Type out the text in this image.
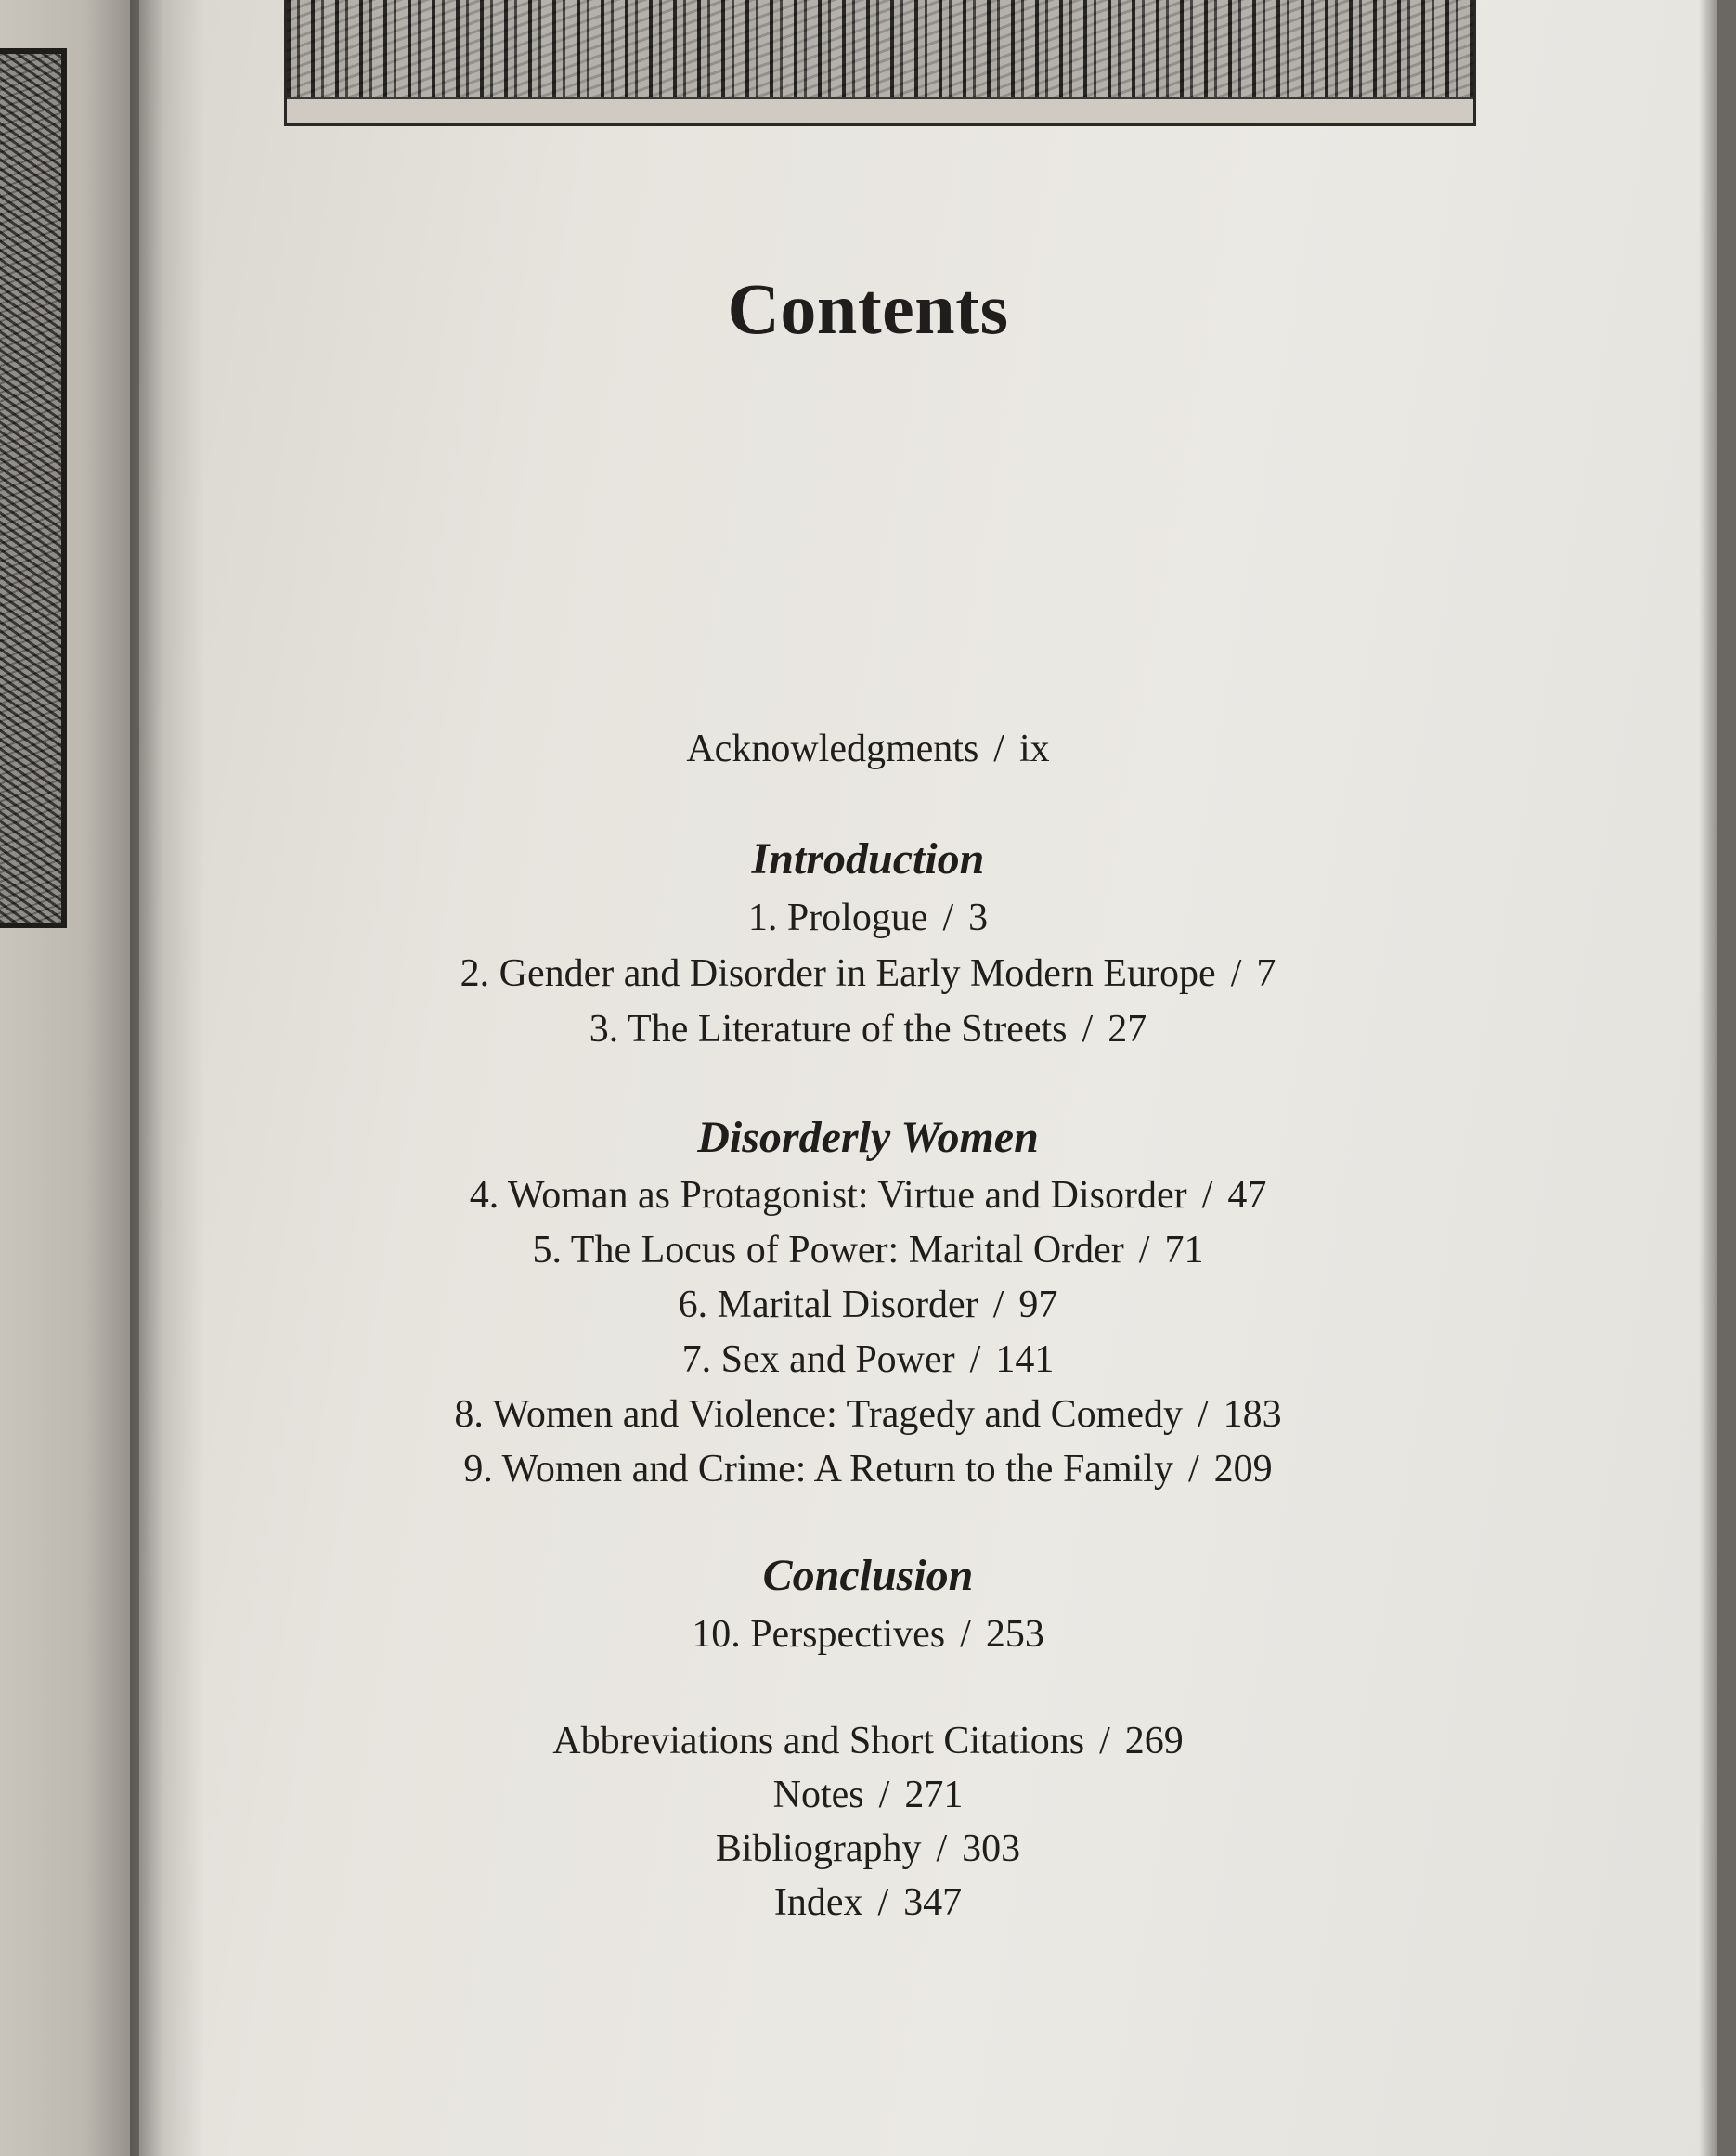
Contents
Acknowledgments / ix
Introduction
1. Prologue / 3
2. Gender and Disorder in Early Modern Europe / 7
3. The Literature of the Streets / 27
Disorderly Women
4. Woman as Protagonist: Virtue and Disorder / 47
5. The Locus of Power: Marital Order / 71
6. Marital Disorder / 97
7. Sex and Power / 141
8. Women and Violence: Tragedy and Comedy / 183
9. Women and Crime: A Return to the Family / 209
Conclusion
10. Perspectives / 253
Abbreviations and Short Citations / 269
Notes / 271
Bibliography / 303
Index / 347
